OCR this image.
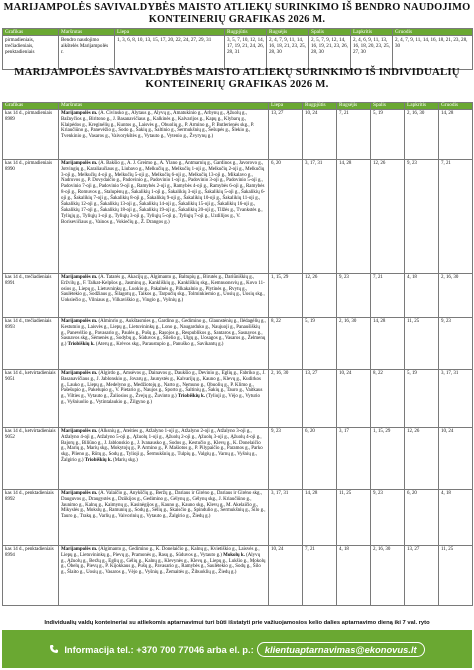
MARIJAMPOLĖS SAVIVALDYBĖS MAISTO ATLIEKŲ SURINKIMO IŠ BENDRO NAUDOJIMO KONTEINERIŲ GRAFIKAS 2026 M.
Grafikas	Maršrutas	Liepa	Rugpjūtis	Rugsėjis	Spalis	Lapkritis	Gruodis
pirmadieniais, trečiadieniais, penktadieniais	Bendro naudojimo aikštelės Marijampolės r.	1, 3, 6, 8, 10, 13, 15, 17, 20, 22, 24, 27, 29, 31	3, 5, 7, 10, 12, 14, 17, 19, 21, 24, 26, 28, 31	2, 4, 7, 9, 11, 14, 16, 18, 21, 23, 25, 28, 30	2, 5, 7, 9, 12, 14, 16, 19, 21, 23, 26, 28, 30	2, 4, 6, 9, 11, 13, 16, 18, 20, 23, 25, 27, 30	2, 4, 7, 9, 11, 14, 16, 18, 21, 23, 28, 30
MARIJAMPOLĖS SAVIVALDYBĖS MAISTO ATLIEKŲ SURINKIMO IŠ INDIVIDUALIŲ KONTEINERIŲ GRAFIKAS 2026 M.
Grafikas	Maršrutas	Liepa	Rugpjūtis	Rugsėjis	Spalis	Lapkritis	Gruodis
kas 14 d., pirmadieniais 8989	Marijampolės m. (A. Civinsko g., Alytaus g., Alyvų g., Amatukinio g., Arbynų g., Ąžuolų g., Bažnyčios g., Biritono g., J. Basanavičiaus g., Kalkinės g., Kalvarijos g., Kapų g., Klybarų g., Klaipėdos g., Kreginėlių g., Kuntos g., Laisvės g., Obuolių g., P. Armino g., P. Butlerienės skg., P. Kriaučiūno g., Panevėžio g., Sodo g., Šakių g., Šaltinio g., Šermukšnių g., Šešupės g., Šlekio g., Tvenkinio g., Vasaros g., Vaivorykštės g., Vytauto g., Vytenio g., Žvyrynų g.)	13, 27	10, 24	7, 21	5, 19	2, 16, 30	14, 28
kas 14 d., pirmadieniais 8990	Marijampolės m. (A. Bakšio g., A. J. Greimo g., A. Ylano g., Antmarnių g., Gardinos g., Javorovo g., Jotvingių g., Karaliaučiaus g., Liubavo g., Melkučių g., Melkučių 1-oji g., Melkučių 2-oji g., Melkučių 3-oji g., Melkučių 4-oji g., Melkučių 5-oji g., Melkučių 6-oji g., Melkučių 13-oji g., Mikalavo g., Nadruvos g., P. Dovydaičio g., Padovinio g., Padovinio 1-oji g., Padovinio 3-oji g., Padovinio 5-oji g., Padovinio 7-oji g., Padovinio 9-oji g., Ramybės 2-oji g., Ramybės 4-oji g., Ramybės 6-oji g., Ramybės 8-oji g., Romuvos g., Stalupėnų g., Šakalikių 1-oji g., Šakalikių 3-oji g., Šakalikių 5-oji g., Šakalikių 6-oji g., Šakalikių 7-oji g., Šakalikių 8-oji g., Šakalikių 9-oji g., Šakalikių 10-oji g., Šakalikių 11-oji g., Šakalikių 12-oji g., Šakalikių 13-oji g., Šakalikių 14-oji g., Šakalikių 15-oji g., Šakalikių 16-oji g., Šakalikių 17-oji g., Šakalikių 18-oji g., Šakalikių 19-oji g., Šakalikių 20-oji g., Tilžės g., Tvankstės g., Tyliųjų g., Tyliųjų 1-oji g., Tyliųjų 3-oji g., Tyliųjų 5-oji g., Tyliųjų 7-oji g., Uzdilijos g., V. Borisevičiaus g., Vainos g., Vokiečių g., Ž. Drangos g.)	6, 20	3, 17, 31	14, 28	12, 26	9, 23	7, 21
kas 14 d., trečiadieniais 8991	Marijampolės m. (A. Tatarės g., Akacijų g., Algimanto g., Baltupių g., Birutės g., Dariūniškių g., Eržvilų g., F. Talkat-Kelpšos g., Jasminų g., Kankliškių g., Kankliškių skg., Kemnuonsvių g., Kovo 11-osios g., Liepų g., Lietuvninkų g., Luokio g., Pakalnės g., Pilkakalnio g., Plytinės g., Rvytų g., Saulėtekio g., Sodžiaus g., Šilagotų g., Taikos g., Tarpučių skg., Tolminkiemio g., Uosių g., Uosių skg., Uoksiečio g., Vilniaus g., Vilkaviškio g., Vingio g., Vyšnių g.)	1, 15, 29	12, 26	9, 23	7, 21	4, 18	2, 16, 30
kas 14 d., trečiadieniais 8993	Marijampolės m. (Alminrio g., Aukštasmies g., Gardino g., Gedimino g., Glaunstėnių g., Ilėdagėlių g., Kestutnio g., Laisvės g., Liepų g., Lietuvininkų g., Lono g., Naugarduko g., Naujuoji g., Panaušiškių g., Panevėžio g., Pavasario g., Paulės g., Pušų g., Rasojos g., Respublikos g., Santaros g., Sasnavos g., Sasnavos skg., Sėmenės g., Sodybų g., Sūduvos g., Šilelio g., Ulgų g., Uosagos g., Vasaros g., Želmenų g.) Triobiškių k. (Aterų g., Krėvos skg., Paraustupio g., Panuško g., Savikantų g.)	8, 22	5, 19	2, 16, 30	14, 28	11, 25	9, 23
kas 14 d., ketvirtadieniais 9051	Marijampolės m. (Algirdo g., Amsėvos g., Dainavos g., Daukšio g., Devinio g., Eglių g., Fabriko g., J. Basanavičiaus g., J. Jablonskio g., Jovarų g., Jaunystės g., Kalvarijų g., Kauno g., Klevų g., Kudirkos g., Lauko g., Liepų g., Medelyno g., Medžiotojų g., Narto g., Nemuno g., Obuolių g., P. Klimo g., Pašešupio g., Pakelupio g., V. Pietario g., Naujos g., Sporto g., Šaltinių g., Šakių g., Tauro g., Vaitkaus g., Vilties g., Vytauto g., Žaliosios g., Žvejų g., Žuvinto g.) Triobiškių k. (Tylioji g., Vėjo g., Vyturio g., Vyšniuolio g., Vytintalaukio g., Žilgyno g.)	2, 16, 30	13, 27	10, 24	8, 22	5, 19	3, 17, 31
kas 14 d., ketvirtadieniais 9052	Marijampolės m. (Alksnių g., Ateities g., Atžalyno 1-oji g., Atžalyno 2-oji g., Atžalyno 3-oji g., Atžalyno 4-oji g., Atžalyno 5-oji g., Ąžuolų 1-oji g., Ąžuolų 2-oji g., Ąžuolų 3-oji g., Ąžuolų 4-oji g., Bajorų g., Biliūno g., J. Jablonskio g., J. Ivanausko g., Sodos g., Kestučio g., Klevų g., K. Donelaičio g., Marių g., Marių skg., Mokytojų g., P. Armino g., P. Mašiotos g., P. Pilypaičio g., Paramos g., Parko skg., Plieno g., Rūtų g., Sodų g., Tylioji g., Šermukšnių g., Tulpių g., Valgių g., Varnų g., Vyšnių g., Žalgirio g.) Triobiškių k. (Marių skg.)	9, 23	6, 20	3, 17	1, 15, 29	12, 26	10, 24
kas 14 d., penktadieniais 8992	Marijampolės m. (A. Valaičio g., Anykščių g., Beržų g., Dariaus ir Girėno g., Dariaus ir Girėno skg., Dauguvos g., Draugystės g., Dzūkijos g., Gedimino g., Gėlynų g., Gėlynų skg., J. Kriaučiūno g., Jaunimo g., Kalnų g., Kaimynų g., Kasinėgijos g., Kauno g., Kauno skg., Klevų g., M. Akelaičio g., Mikyslės g., Mokslų g., Ramunių g., Sodų g., Sėlių g., Skaisčio g., Spindulio g., Šermukšnių g., Šilo g., Tauro g., Trakų g., Varlių g., Vaivorinių g., Vytauto g., Žalgirio g., Žiedų g.)	3, 17, 31	14, 28	11, 25	9, 23	6, 20	4, 18
kas 14 d., penktadieniais 8994	Marijampolės m. (Algimanto g., Gedimino g., K. Donelaičio g., Kalnų g., Kvietiškio g., Laisvės g., Liepų g., Lietuvininkų g., Pievų g., Pramonės g., Rasų g., Sūduvos g., Vytauto g.) Mokolų k. (Alyvų g., Ąžuolų g., Beržų g., Eglių g., Gėlių g., Kalnų g., Klevynės g., Klevų g., Liepų g., Lukšio g., Mokolų g., Obelų g., Pievų g., P. Kijokkaus g., Pušų g., Pavasario g., Ramybės g., Saulėtekio g., Sodų g., Šilo g., Šlaito g., Uosių g., Vasaros g., Vėjo g., Vyšnių g., Žemaitės g., Žibuoklių g., Žiedų g.)	10, 24	7, 21	4, 18	2, 16, 30	13, 27	11, 25
Individualių valdų konteineriai su atliekomis aptarnavimui turi būti išstatyti prie važiuojamosios kelio dalies aptarnavimo dieną iki 7 val. ryto
Informacija tel.: +370 700 77046 arba el. p.:	klientuaptarnavimas@ekonovus.lt
